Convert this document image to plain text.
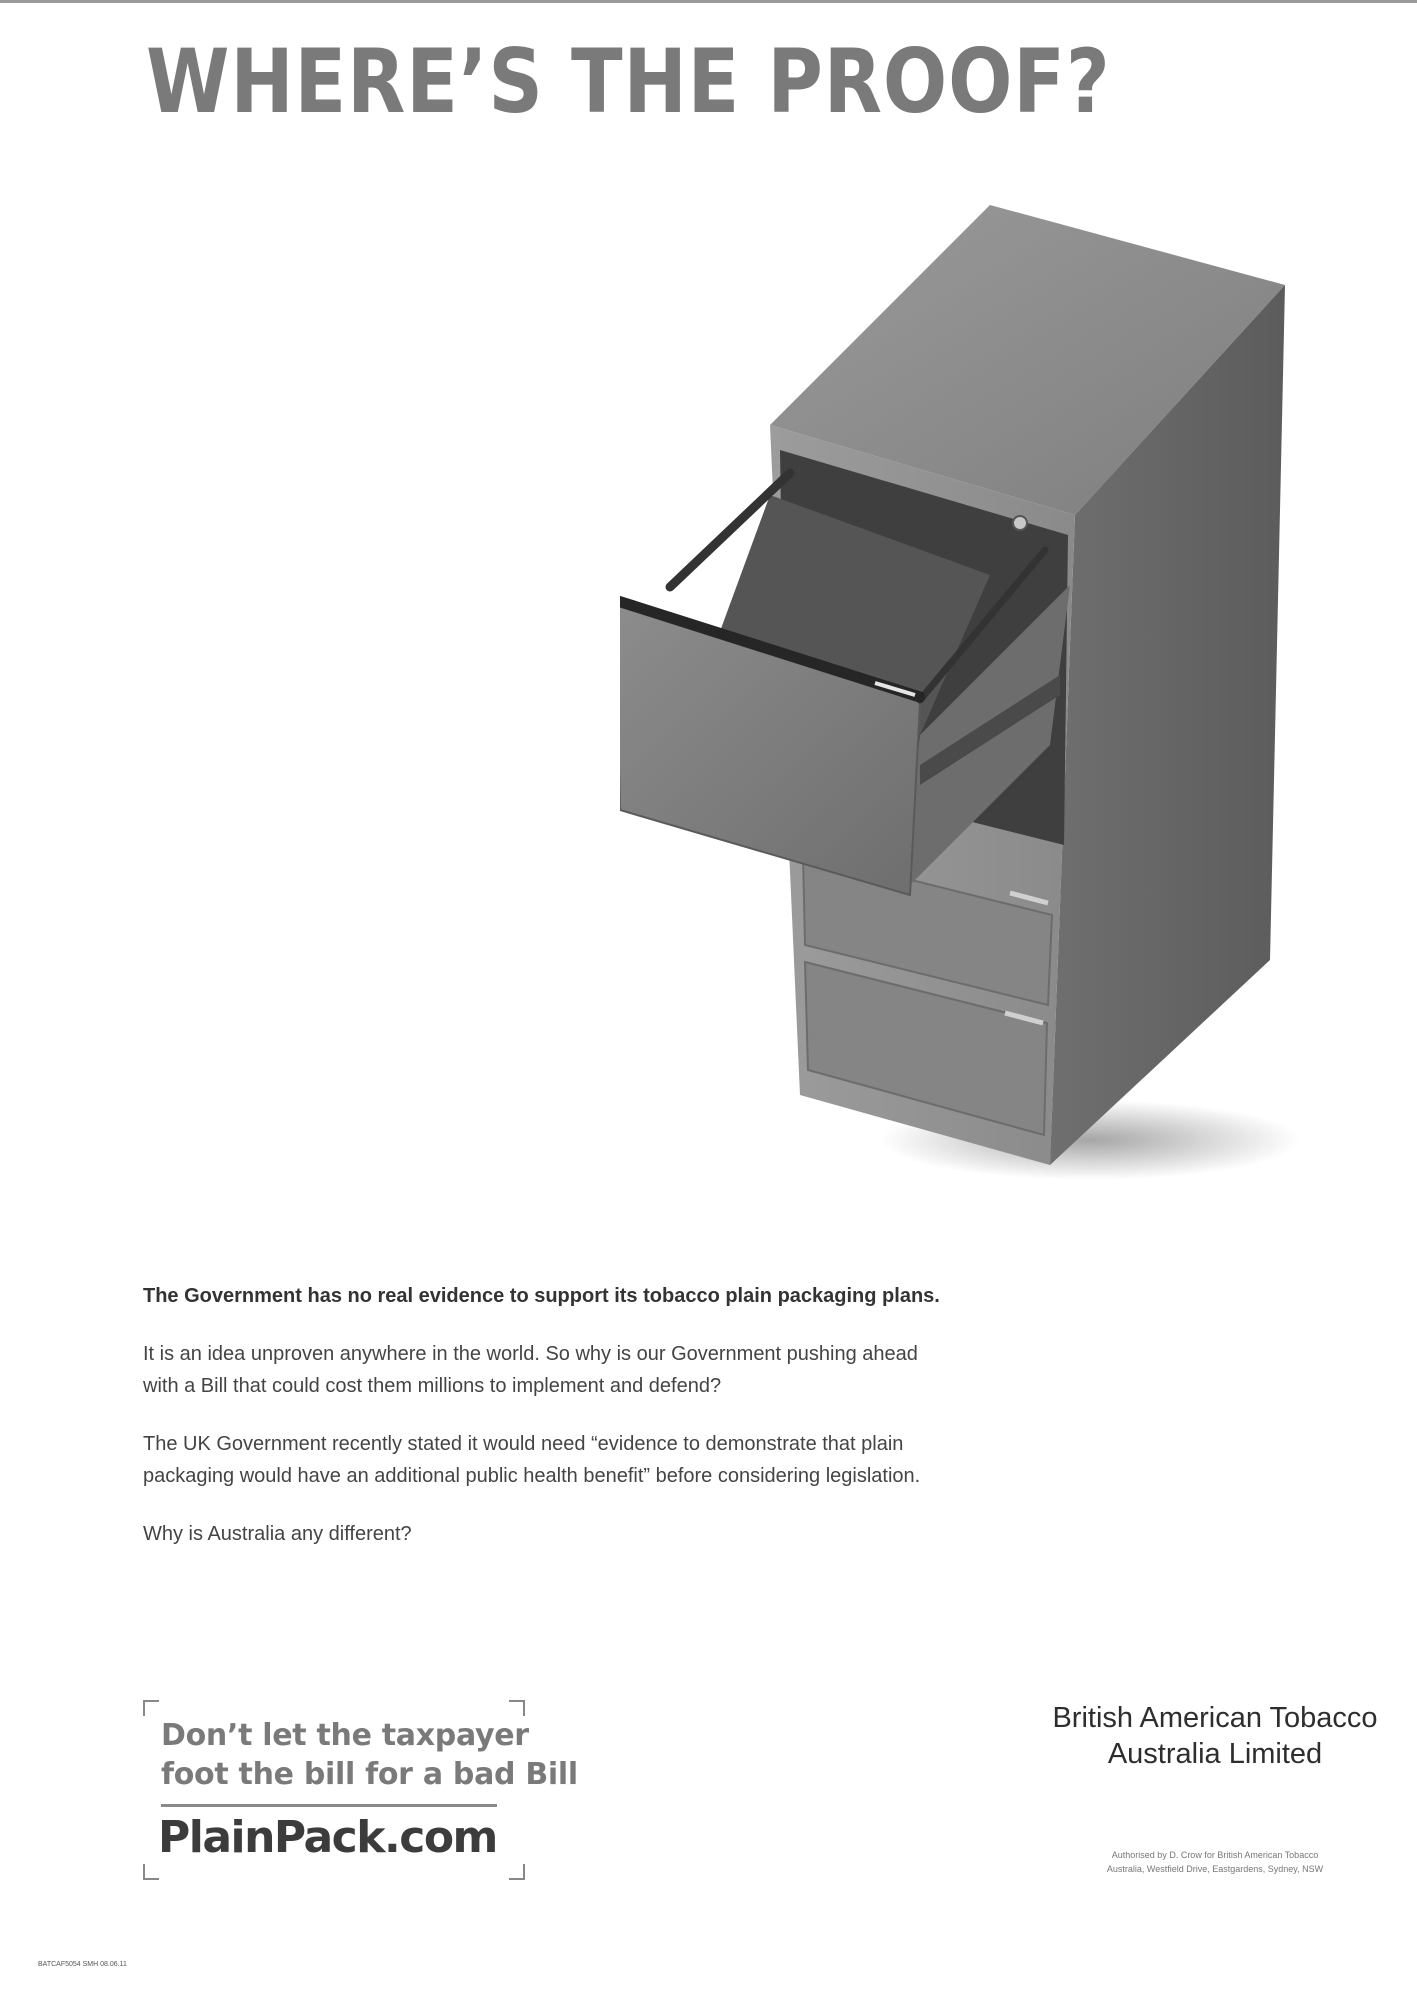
WHERE’S THE PROOF?

The Government has no real evidence to support its tobacco plain packaging plans.

It is an idea unproven anywhere in the world. So why is our Government pushing ahead
with a Bill that could cost them millions to implement and defend?

The UK Government recently stated it would need “evidence to demonstrate that plain
packaging would have an additional public health benefit” before considering legislation.

Why is Australia any different?

Don’t let the taxpayer
foot the bill for a bad Bill
PlainPack.com
British American Tobacco
Australia Limited
Authorised by D. Crow for British American Tobacco
Australia, Westfield Drive, Eastgardens, Sydney, NSW
BATCAF5054 SMH 08.06.11
